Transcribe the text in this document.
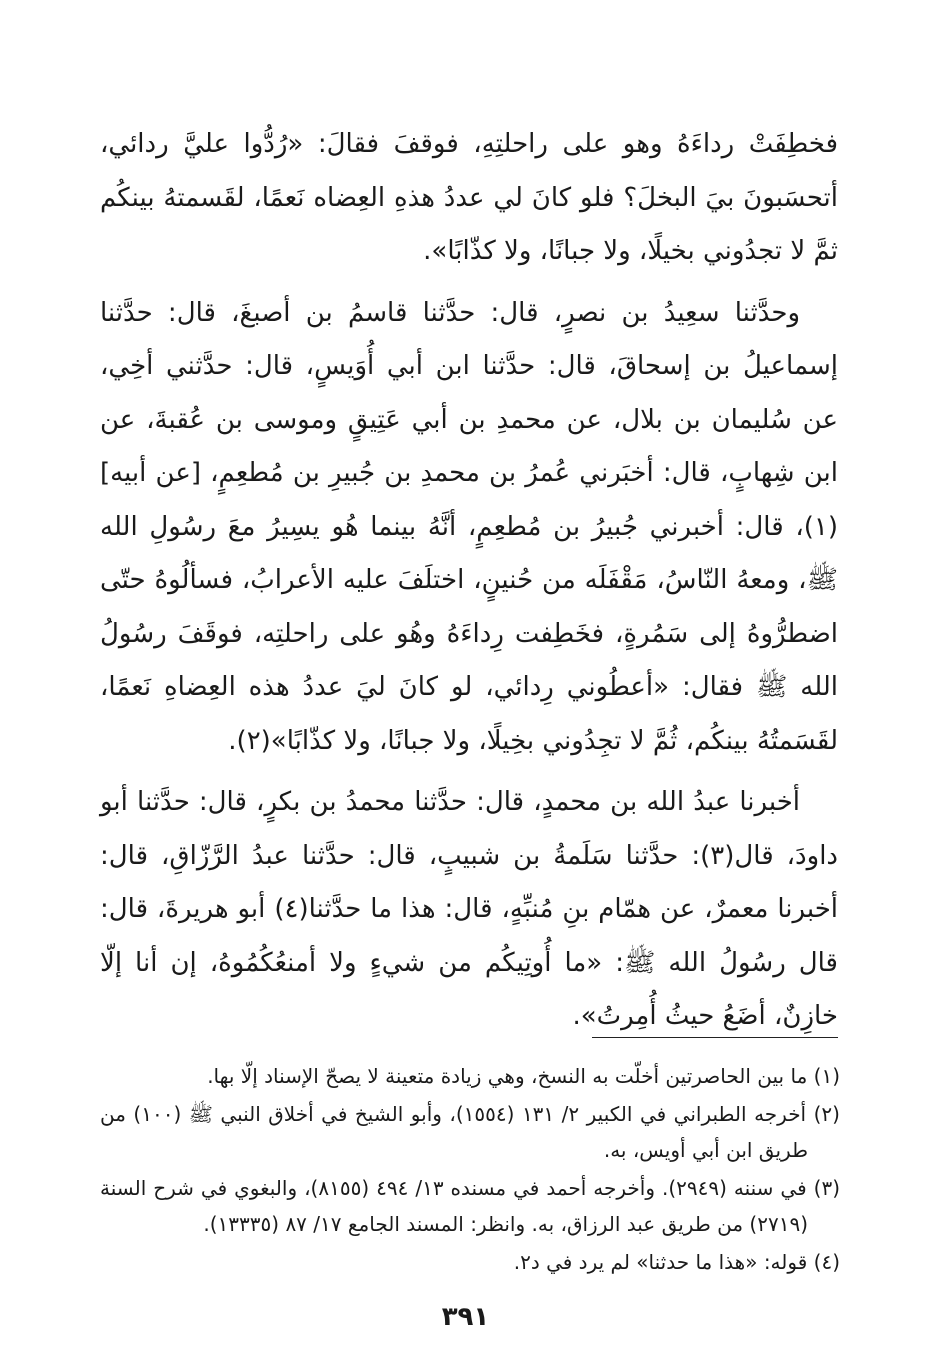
فخطِفَتْ رداءَهُ وهو على راحلتِهِ، فوقفَ فقالَ: «رُدُّوا عليَّ ردائي، أتحسَبونَ بيَ البخلَ؟ فلو كانَ لي عددُ هذهِ العِضاه نَعمًا، لقَسمتهُ بينكُم ثمَّ لا تجدُوني بخيلًا، ولا جبانًا، ولا كذّابًا».

وحدَّثنا سعِيدُ بن نصرٍ، قال: حدَّثنا قاسمُ بن أصبغَ، قال: حدَّثنا إسماعيلُ بن إسحاقَ، قال: حدَّثنا ابن أبي أُوَيسٍ، قال: حدَّثني أخِي، عن سُليمان بن بلال، عن محمدِ بن أبي عَتِيقٍ وموسى بن عُقبةَ، عن ابن شِهابٍ، قال: أخبَرني عُمرُ بن محمدِ بن جُبيرِ بن مُطعِمٍ، [عن أبيه](١)، قال: أخبرني جُبيرُ بن مُطعِمٍ، أنَّهُ بينما هُو يسِيرُ معَ رسُولِ الله ﷺ، ومعهُ النّاسُ، مَقْفَلَه من حُنينٍ، اختلَفَ عليه الأعرابُ، فسألُوهُ حتّى اضطرُّوهُ إلى سَمُرةٍ، فخَطِفت رِداءَهُ وهُو على راحلتِه، فوقَفَ رسُولُ الله ﷺ فقال: «أعطُوني رِدائي، لو كانَ ليَ عددُ هذه العِضاهِ نَعمًا، لقَسَمتُهُ بينكُم، ثُمَّ لا تجِدُوني بخِيلًا، ولا جبانًا، ولا كذّابًا»(٢).

أخبرنا عبدُ الله بن محمدٍ، قال: حدَّثنا محمدُ بن بكرٍ، قال: حدَّثنا أبو داودَ، قال(٣): حدَّثنا سَلَمةُ بن شبيبٍ، قال: حدَّثنا عبدُ الرَّزّاقِ، قال: أخبرنا معمرٌ، عن همّام بنِ مُنبِّهٍ، قال: هذا ما حدَّثنا(٤) أبو هريرةَ، قال: قال رسُولُ الله ﷺ: «ما أُوتِيكُم من شيءٍ ولا أمنعُكُمُوهُ، إن أنا إلّا خازِنٌ، أضَعُ حيثُ أُمِرتُ».

(١) ما بين الحاصرتين أخلّت به النسخ، وهي زيادة متعينة لا يصحّ الإسناد إلّا بها.

(٢) أخرجه الطبراني في الكبير ٢/ ١٣١ (١٥٥٤)، وأبو الشيخ في أخلاق النبي ﷺ (١٠٠) من طريق ابن أبي أويس، به.

(٣) في سننه (٢٩٤٩). وأخرجه أحمد في مسنده ١٣/ ٤٩٤ (٨١٥٥)، والبغوي في شرح السنة (٢٧١٩) من طريق عبد الرزاق، به. وانظر: المسند الجامع ١٧/ ٨٧ (١٣٣٣٥).

(٤) قوله: «هذا ما حدثنا» لم يرد في د٢.

٣٩١
